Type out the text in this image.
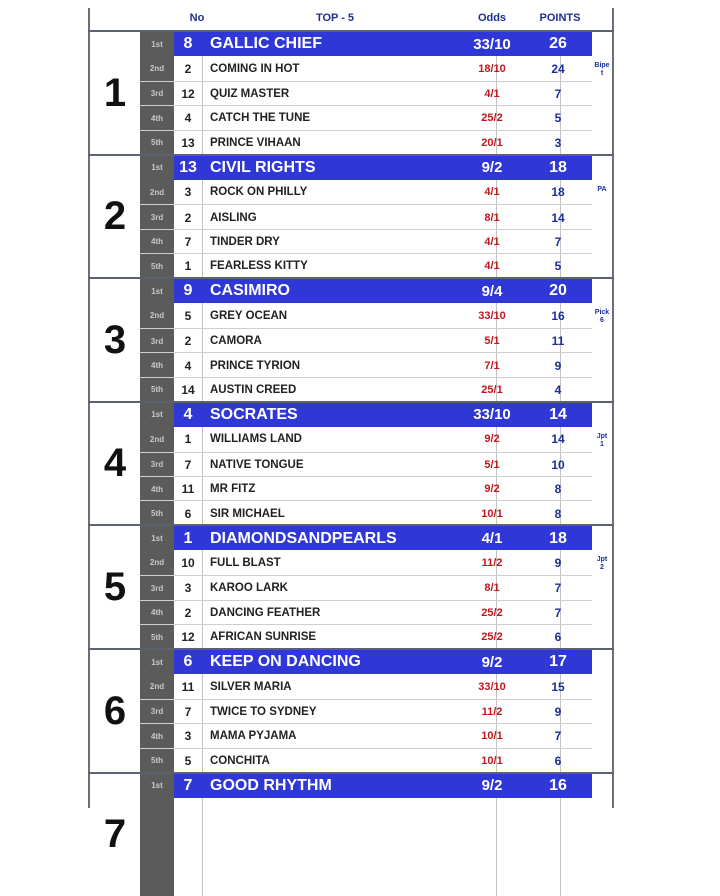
No	TOP - 5	Odds	POINTS
1
1st	8	GALLIC CHIEF	33/10	26
2nd	2	COMING IN HOT	18/10	24
3rd	12	QUIZ MASTER	4/1	7
4th	4	CATCH THE TUNE	25/2	5
5th	13	PRINCE VIHAAN	20/1	3
Bipet
2
1st	13 CIVIL RIGHTS	9/2	18
2nd	3	ROCK ON PHILLY	4/1	18
3rd	2	AISLING	8/1	14
4th	7	TINDER DRY	4/1	7
5th	1	FEARLESS KITTY	4/1	5
PA
3
1st	9	CASIMIRO	9/4	20
2nd	5	GREY OCEAN	33/10	16
3rd	2	CAMORA	5/1	11
4th	4	PRINCE TYRION	7/1	9
5th	14	AUSTIN CREED	25/1	4
Pick 6
4
1st	4	SOCRATES	33/10	14
2nd	1	WILLIAMS LAND	9/2	14
3rd	7	NATIVE TONGUE	5/1	10
4th	11	MR FITZ	9/2	8
5th	6	SIR MICHAEL	10/1	8
Jpt 1
5
1st	1	DIAMONDSANDPEARLS	4/1	18
2nd	10	FULL BLAST	11/2	9
3rd	3	KAROO LARK	8/1	7
4th	2	DANCING FEATHER	25/2	7
5th	12	AFRICAN SUNRISE	25/2	6
Jpt 2
6
1st	6	KEEP ON DANCING	9/2	17
2nd	11	SILVER MARIA	33/10	15
3rd	7	TWICE TO SYDNEY	11/2	9
4th	3	MAMA PYJAMA	10/1	7
5th	5	CONCHITA	10/1	6
7
1st	7	GOOD RHYTHM	9/2	16
